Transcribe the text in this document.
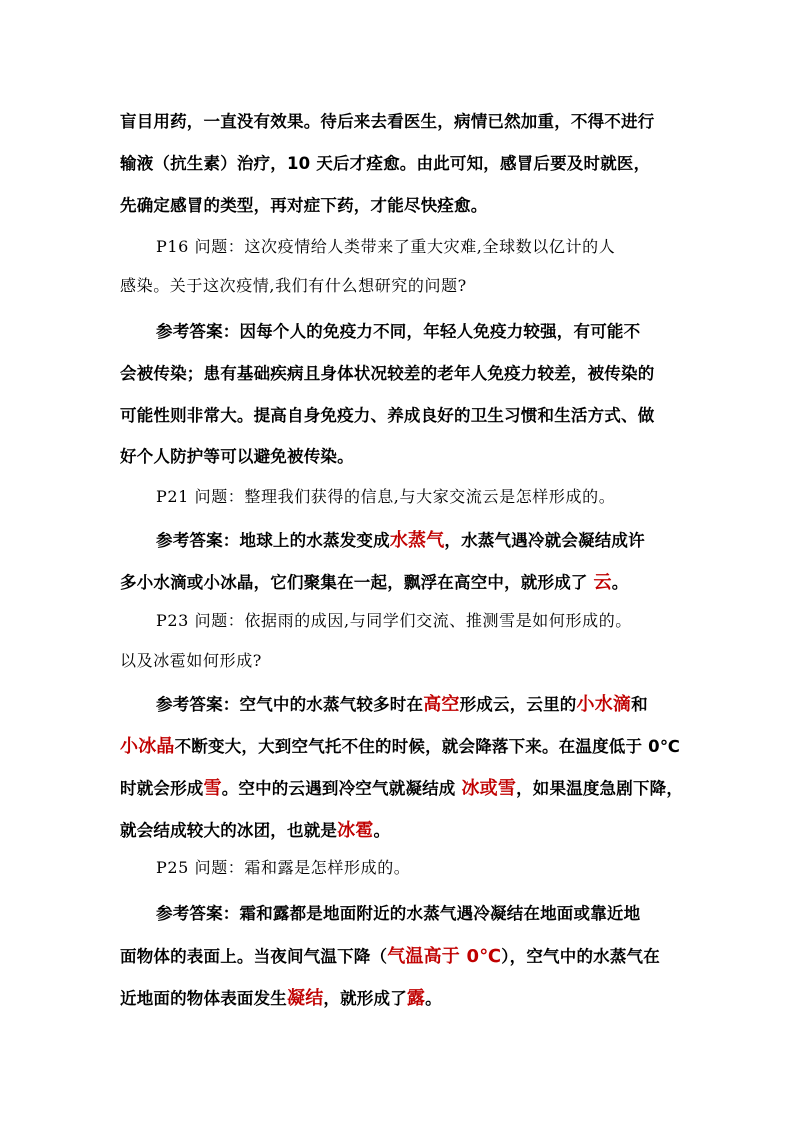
盲目用药，一直没有效果。待后来去看医生，病情已然加重，不得不进行
输液（抗生素）治疗，10 天后才痊愈。由此可知，感冒后要及时就医，
先确定感冒的类型，再对症下药，才能尽快痊愈。
P16 问题：这次疫情给人类带来了重大灾难,全球数以亿计的人
感染。关于这次疫情,我们有什么想研究的问题?
参考答案：因每个人的免疫力不同，年轻人免疫力较强，有可能不
会被传染；患有基础疾病且身体状况较差的老年人免疫力较差，被传染的
可能性则非常大。提高自身免疫力、养成良好的卫生习惯和生活方式、做
好个人防护等可以避免被传染。
P21 问题：整理我们获得的信息,与大家交流云是怎样形成的。
参考答案：地球上的水蒸发变成水蒸气，水蒸气遇冷就会凝结成许
多小水滴或小冰晶，它们聚集在一起，飘浮在高空中，就形成了 云。
P23 问题：依据雨的成因,与同学们交流、推测雪是如何形成的。
以及冰雹如何形成?
参考答案：空气中的水蒸气较多时在高空形成云，云里的小水滴和
小冰晶不断变大，大到空气托不住的时候，就会降落下来。在温度低于 0℃
时就会形成雪。空中的云遇到冷空气就凝结成 冰或雪，如果温度急剧下降，
就会结成较大的冰团，也就是冰雹。
P25 问题：霜和露是怎样形成的。
参考答案：霜和露都是地面附近的水蒸气遇冷凝结在地面或靠近地
面物体的表面上。当夜间气温下降（气温高于 0℃），空气中的水蒸气在
近地面的物体表面发生凝结，就形成了露。
